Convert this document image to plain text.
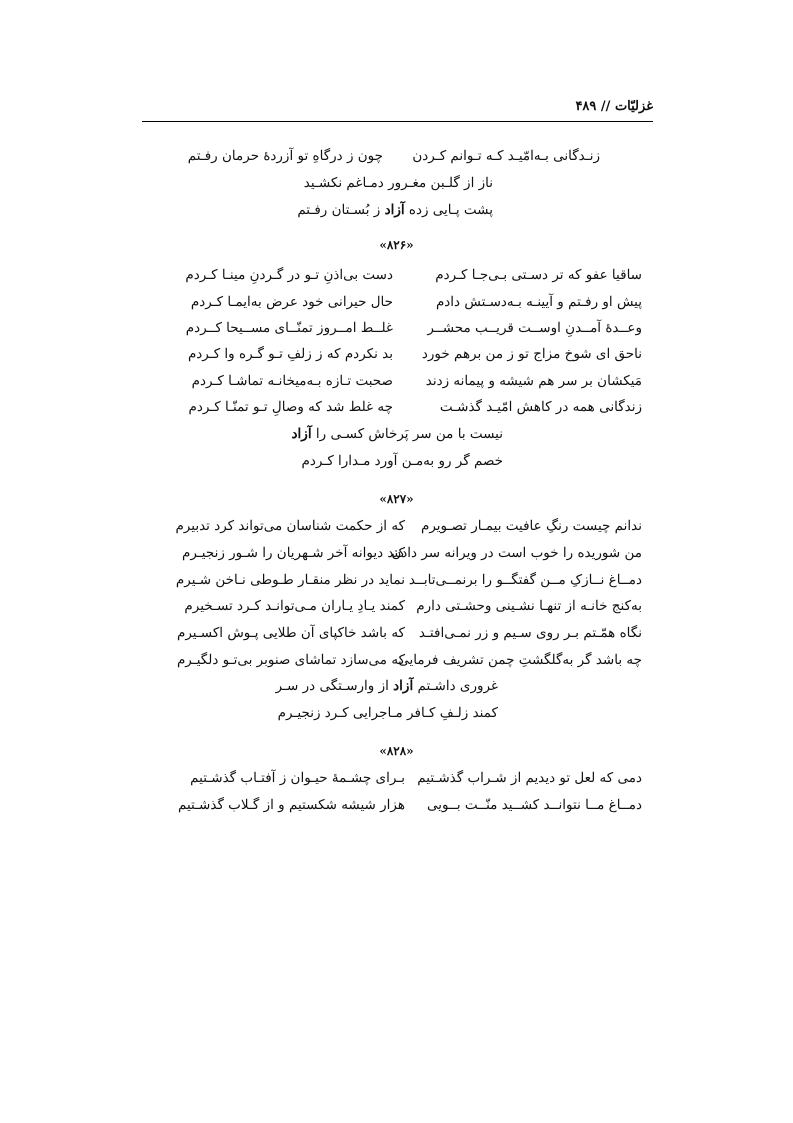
غزلیّات // ۴۸۹
زنـدگانی بـه‌امّیـد کـه تـوانم کـردن
چون ز درگاهِ تو آزردهٔ حرمان رفـتم
ناز از گلـبن مغـرور دمـاغم نکشـید
پشت پـایی زده آزاد ز بُسـتان رفـتم
«۸۲۶»
ساقیا عفو که تر دسـتی بـی‌جـا کـردم
دست بی‌اذنِ تـو در گـردنِ مینـا کـردم
پیش او رفـتم و آیینـه بـه‌دسـتش دادم
حال حیرانی خود عرض به‌ایمـا کـردم
وعــدهٔ آمــدنِ اوســت قریــب محشــر
غلــط امــروز تمنّــای مســیحا کــردم
ناحق ای شوخ مزاج تو ز من برهم خورد
بد نکردم که ز زلفِ تـو گـره وا کـردم
مَیکشان بر سر هم شیشه و پیمانه زدند
صحبت تـازه بـه‌میخانـه تماشـا کـردم
زندگانی همه در کاهش امّیـد گذشـت
چه غلط شد که وصالِ تـو تمنّـا کـردم
نیست با من سر پَرخاش کسـی را آزاد
خصم گر رو به‌مـن آورد مـدارا کـردم
«۸۲۷»
ندانم چیست رنگِ عافیت بیمـار تصـویرم
که از حکمت شناسان می‌تواند کرد تدبیرم
من شوریده را خوب است در ویرانه سر دادن
کند دیوانه آخر شـهریان را شـور زنجیـرم
دمــاغ نــازکِ مــن گفتگــو را برنمــی‌تابــد
نماید در نظر منقـار طـوطی نـاخن شـیرم
به‌کنج خانـه از تنهـا نشـینی وحشـتی دارم
کمند یـادِ یـاران مـی‌توانـد کـرد تسـخیرم
نگاه همّـتم بـر روی سـیم و زر نمـی‌افتـد
که باشد خاکپای آن طلایی پـوش اکسـیرم
چه باشد گر به‌گلگشتِ چمن تشریف فرمایی
که می‌سازد تماشای صنوبر بی‌تـو دلگیـرم
غروری داشـتم آزاد از وارسـتگی در سـر
کمند زلـفِ کـافر مـاجرایی کـرد زنجیـرم
«۸۲۸»
دمی که لعل تو دیدیم از شـراب گذشـتیم
بـرای چشـمهٔ حیـوان ز آفتـاب گذشـتیم
دمــاغ مــا نتوانــد کشــید منّــت بــویی
هزار شیشه شکستیم و از گـلاب گذشـتیم
